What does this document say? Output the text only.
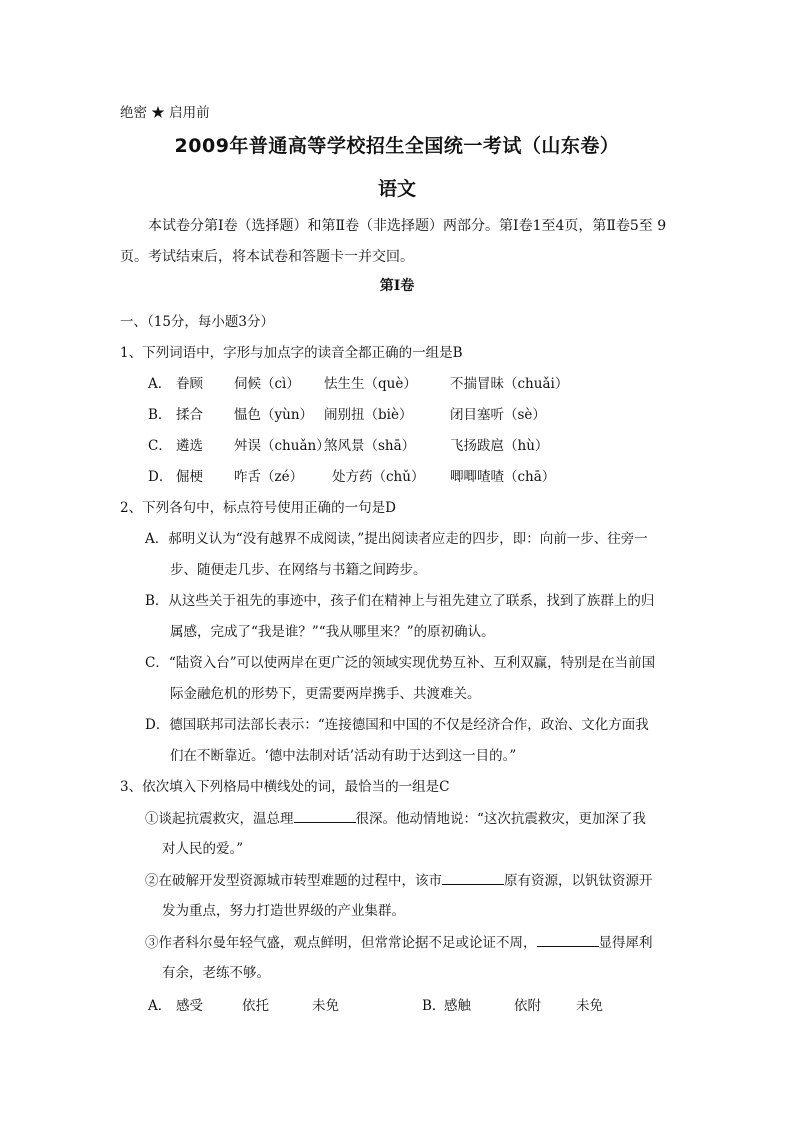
绝密 ★ 启用前
2009年普通高等学校招生全国统一考试（山东卷）
语文
本试卷分第Ⅰ卷（选择题）和第Ⅱ卷（非选择题）两部分。第Ⅰ卷1至4页，第Ⅱ卷5至 9页。考试结束后，将本试卷和答题卡一并交回。
第Ⅰ卷
一、（15分，每小题3分）
1、下列词语中，字形与加点字的读音全都正确的一组是B
A． 眷顾 伺候（cì） 怯生生（què） 不揣冒昧（chuǎi）
B． 揉合 愠色（yùn） 闹别扭（biè）	闭目塞听（sè）
C． 遴选 舛误（chuǎn）煞风景（shā）	飞扬跋扈（hù）
D． 倔梗 咋舌（zé） 处方药（chǔ） 唧唧喳喳（chā）
2、下列各句中，标点符号使用正确的一句是D
A．郝明义认为“没有越界不成阅读，”提出阅读者应走的四步，即：向前一步、往旁一
步、随便走几步、在网络与书籍之间跨步。
B．从这些关于祖先的事迹中，孩子们在精神上与祖先建立了联系，找到了族群上的归
属感，完成了“我是谁？”“我从哪里来？”的原初确认。
C．“陆资入台”可以使两岸在更广泛的领域实现优势互补、互利双赢，特别是在当前国
际金融危机的形势下，更需要两岸携手、共渡难关。
D．德国联邦司法部长表示：“连接德国和中国的不仅是经济合作，政治、文化方面我
们在不断靠近。‘德中法制对话’活动有助于达到这一目的。”
3、依次填入下列格局中横线处的词，最恰当的一组是C
①谈起抗震救灾，温总理	很深。他动情地说：“这次抗震救灾，更加深了我
对人民的爱。”
②在破解开发型资源城市转型难题的过程中，该市	原有资源，以钒钛资源开
发为重点，努力打造世界级的产业集群。
③作者科尔曼年轻气盛，观点鲜明，但常常论据不足或论证不周，	显得犀利
有余，老练不够。
A． 感受	依托	未免	B．感触	依附	未免
